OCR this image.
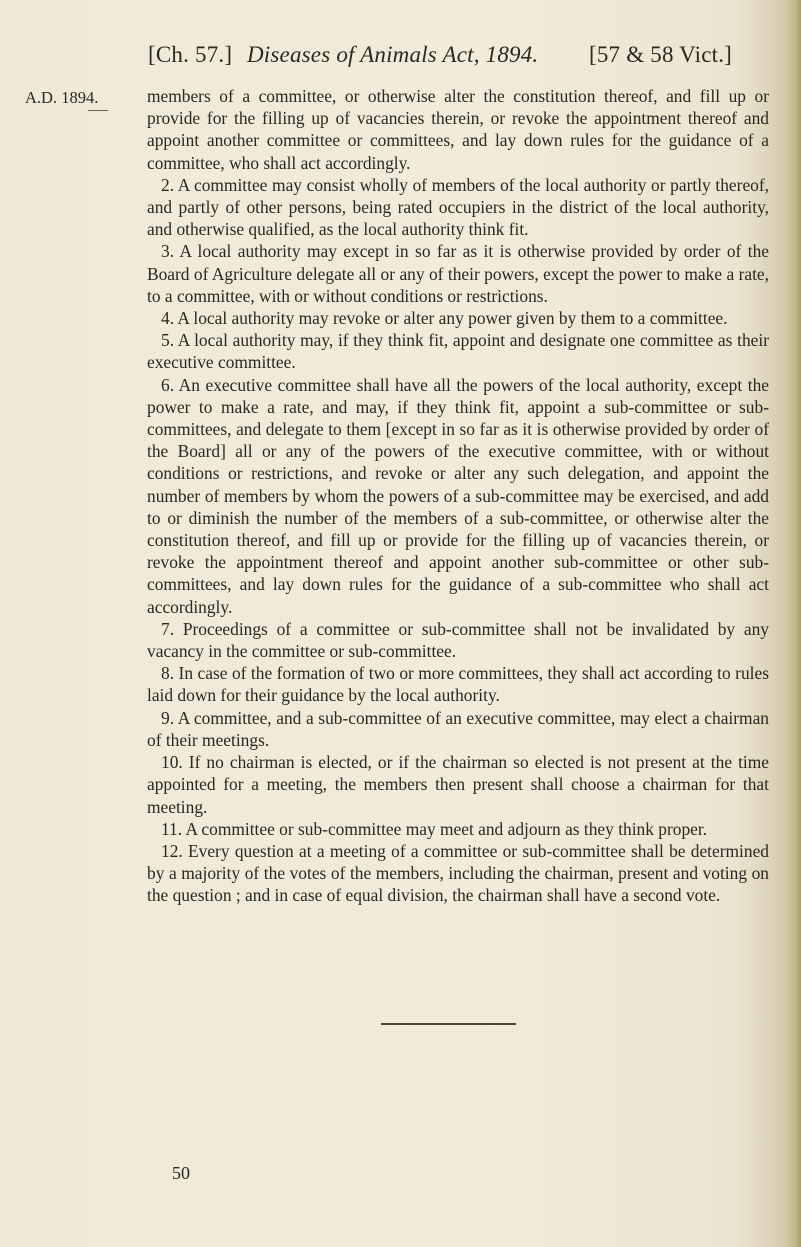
[Ch. 57.] Diseases of Animals Act, 1894. [57 & 58 Vict.]
A.D. 1894.	members of a committee, or otherwise alter the constitution thereof, and fill up or provide for the filling up of vacancies therein, or revoke the appointment thereof and appoint another committee or committees, and lay down rules for the guidance of a committee, who shall act accordingly.

2. A committee may consist wholly of members of the local authority or partly thereof, and partly of other persons, being rated occupiers in the district of the local authority, and otherwise qualified, as the local authority think fit.

3. A local authority may except in so far as it is otherwise provided by order of the Board of Agriculture delegate all or any of their powers, except the power to make a rate, to a committee, with or without conditions or restrictions.

4. A local authority may revoke or alter any power given by them to a committee.

5. A local authority may, if they think fit, appoint and designate one committee as their executive committee.

6. An executive committee shall have all the powers of the local authority, except the power to make a rate, and may, if they think fit, appoint a sub-committee or sub-committees, and delegate to them [except in so far as it is otherwise provided by order of the Board] all or any of the powers of the executive committee, with or without conditions or restrictions, and revoke or alter any such delegation, and appoint the number of members by whom the powers of a sub-committee may be exercised, and add to or diminish the number of the members of a sub-committee, or otherwise alter the constitution thereof, and fill up or provide for the filling up of vacancies therein, or revoke the appointment thereof and appoint another sub-committee or other sub-committees, and lay down rules for the guidance of a sub-committee who shall act accordingly.

7. Proceedings of a committee or sub-committee shall not be invalidated by any vacancy in the committee or sub-committee.

8. In case of the formation of two or more committees, they shall act according to rules laid down for their guidance by the local authority.

9. A committee, and a sub-committee of an executive committee, may elect a chairman of their meetings.

10. If no chairman is elected, or if the chairman so elected is not present at the time appointed for a meeting, the members then present shall choose a chairman for that meeting.

11. A committee or sub-committee may meet and adjourn as they think proper.

12. Every question at a meeting of a committee or sub-committee shall be determined by a majority of the votes of the members, including the chairman, present and voting on the question ; and in case of equal division, the chairman shall have a second vote.

50
